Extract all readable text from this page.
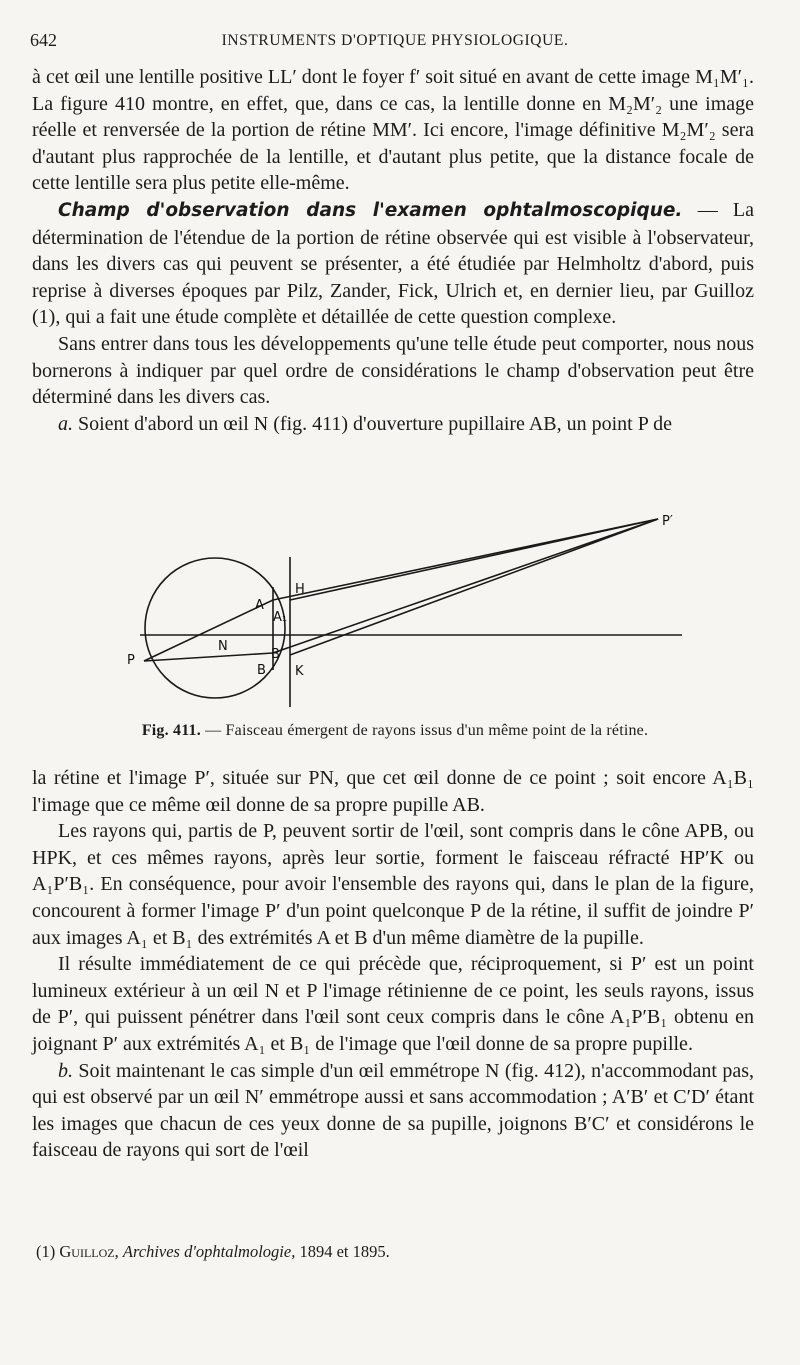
642	INSTRUMENTS D'OPTIQUE PHYSIOLOGIQUE.

à cet œil une lentille positive LL′ dont le foyer f′ soit situé en avant de cette image M₁M′₁. La figure 410 montre, en effet, que, dans ce cas, la lentille donne en M₂M′₂ une image réelle et renversée de la portion de rétine MM′. Ici encore, l'image définitive M₂M′₂ sera d'autant plus rapprochée de la lentille, et d'autant plus petite, que la distance focale de cette lentille sera plus petite elle-même.

Champ d'observation dans l'examen ophtalmoscopique. — La détermination de l'étendue de la portion de rétine observée qui est visible à l'observateur, dans les divers cas qui peuvent se présenter, a été étudiée par Helmholtz d'abord, puis reprise à diverses époques par Pilz, Zander, Fick, Ulrich et, en dernier lieu, par Guilloz (1), qui a fait une étude complète et détaillée de cette question complexe.

Sans entrer dans tous les développements qu'une telle étude peut comporter, nous nous bornerons à indiquer par quel ordre de considérations le champ d'observation peut être déterminé dans les divers cas.

a. Soient d'abord un œil N (fig. 411) d'ouverture pupillaire AB, un point P de

P′
H
A
A₁
N
P	B′
B K
Fig. 411. — Faisceau émergent de rayons issus d'un même point de la rétine.

la rétine et l'image P′, située sur PN, que cet œil donne de ce point ; soit encore A₁B₁ l'image que ce même œil donne de sa propre pupille AB.

Les rayons qui, partis de P, peuvent sortir de l'œil, sont compris dans le cône APB, ou HPK, et ces mêmes rayons, après leur sortie, forment le faisceau réfracté HP′K ou A₁P′B₁. En conséquence, pour avoir l'ensemble des rayons qui, dans le plan de la figure, concourent à former l'image P′ d'un point quelconque P de la rétine, il suffit de joindre P′ aux images A₁ et B₁ des extrémités A et B d'un même diamètre de la pupille.

Il résulte immédiatement de ce qui précède que, réciproquement, si P′ est un point lumineux extérieur à un œil N et P l'image rétinienne de ce point, les seuls rayons, issus de P′, qui puissent pénétrer dans l'œil sont ceux compris dans le cône A₁P′B₁ obtenu en joignant P′ aux extrémités A₁ et B₁ de l'image que l'œil donne de sa propre pupille.

b. Soit maintenant le cas simple d'un œil emmétrope N (fig. 412), n'accommodant pas, qui est observé par un œil N′ emmétrope aussi et sans accommodation ; A′B′ et C′D′ étant les images que chacun de ces yeux donne de sa pupille, joignons B′C′ et considérons le faisceau de rayons qui sort de l'œil

(1) Guilloz, Archives d'ophtalmologie, 1894 et 1895.
